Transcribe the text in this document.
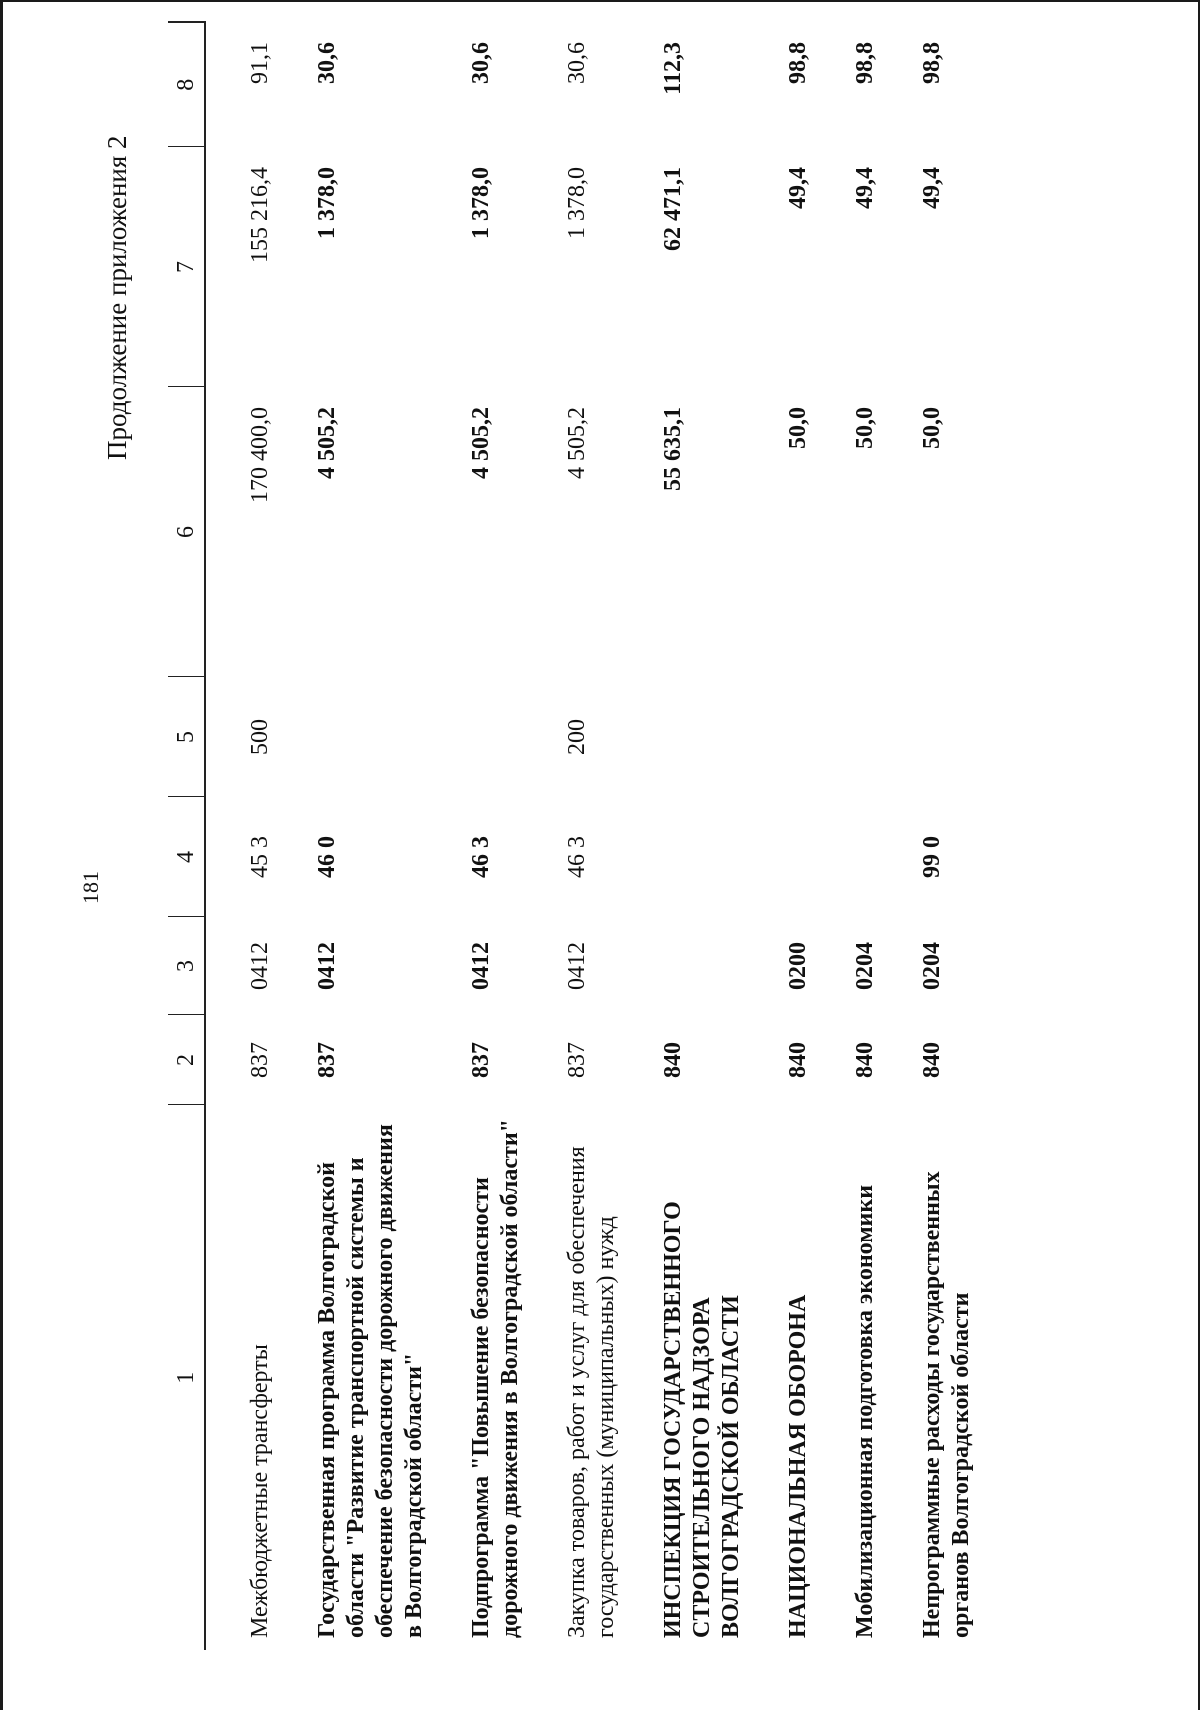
181
Продолжение приложения 2
1	2	3	4	5	6	7	8
Межбюджетные трансферты	837	0412	45 3	500	170 400,0	155 216,4	91,1
Государственная программа Волгоградской области "Развитие транспортной системы и обеспечение безопасности дорожного движения в Волгоградской области"	837	0412	46 0		4 505,2	1 378,0	30,6
Подпрограмма "Повышение безопасности дорожного движения в Волгоградской области"	837	0412	46 3		4 505,2	1 378,0	30,6
Закупка товаров, работ и услуг для обеспечения государственных (муниципальных) нужд	837	0412	46 3	200	4 505,2	1 378,0	30,6
ИНСПЕКЦИЯ ГОСУДАРСТВЕННОГО СТРОИТЕЛЬНОГО НАДЗОРА ВОЛГОГРАДСКОЙ ОБЛАСТИ	840				55 635,1	62 471,1	112,3
НАЦИОНАЛЬНАЯ ОБОРОНА	840	0200			50,0	49,4	98,8
Мобилизационная подготовка экономики	840	0204			50,0	49,4	98,8
Непрограммные расходы государственных органов Волгоградской области	840	0204	99 0		50,0	49,4	98,8
